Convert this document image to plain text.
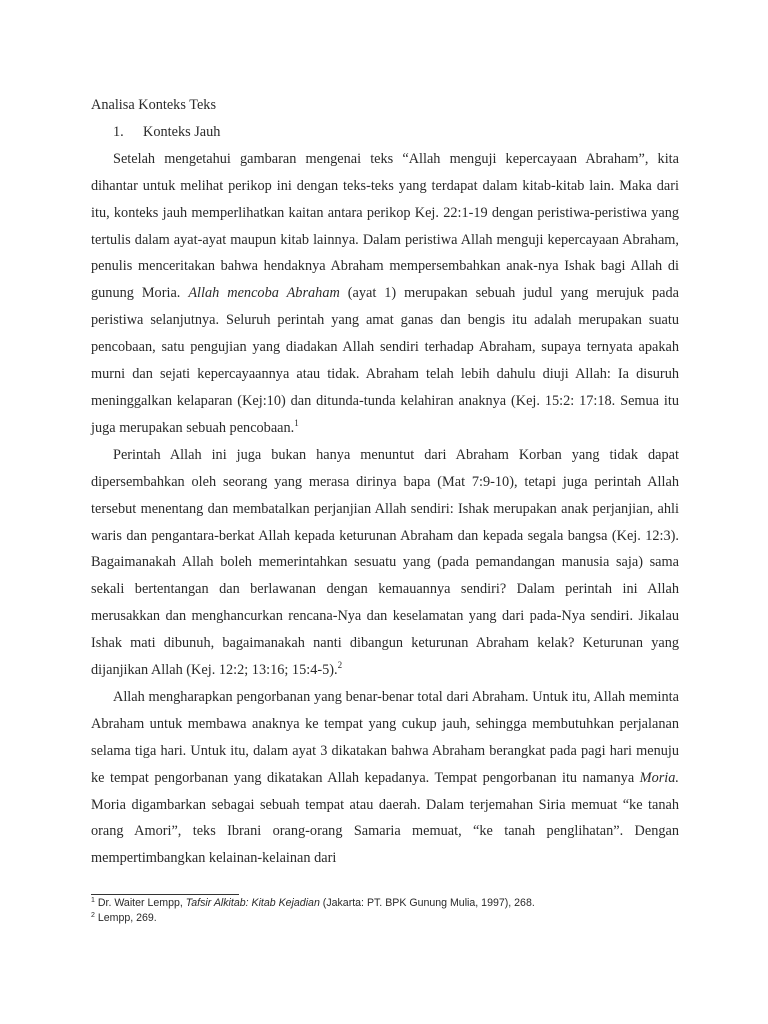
Analisa Konteks Teks

1. Konteks Jauh

Setelah mengetahui gambaran mengenai teks “Allah menguji kepercayaan Abraham”, kita dihantar untuk melihat perikop ini dengan teks-teks yang terdapat dalam kitab-kitab lain. Maka dari itu, konteks jauh memperlihatkan kaitan antara perikop Kej. 22:1-19 dengan peristiwa-peristiwa yang tertulis dalam ayat-ayat maupun kitab lainnya. Dalam peristiwa Allah menguji kepercayaan Abraham, penulis menceritakan bahwa hendaknya Abraham mempersembahkan anak-nya Ishak bagi Allah di gunung Moria. Allah mencoba Abraham (ayat 1) merupakan sebuah judul yang merujuk pada peristiwa selanjutnya. Seluruh perintah yang amat ganas dan bengis itu adalah merupakan suatu pencobaan, satu pengujian yang diadakan Allah sendiri terhadap Abraham, supaya ternyata apakah murni dan sejati kepercayaannya atau tidak. Abraham telah lebih dahulu diuji Allah: Ia disuruh meninggalkan kelaparan (Kej:10) dan ditunda-tunda kelahiran anaknya (Kej. 15:2: 17:18. Semua itu juga merupakan sebuah pencobaan.$^1$

Perintah Allah ini juga bukan hanya menuntut dari Abraham Korban yang tidak dapat dipersembahkan oleh seorang yang merasa dirinya bapa (Mat 7:9-10), tetapi juga perintah Allah tersebut menentang dan membatalkan perjanjian Allah sendiri: Ishak merupakan anak perjanjian, ahli waris dan pengantara-berkat Allah kepada keturunan Abraham dan kepada segala bangsa (Kej. 12:3). Bagaimanakah Allah boleh memerintahkan sesuatu yang (pada pemandangan manusia saja) sama sekali bertentangan dan berlawanan dengan kemauannya sendiri? Dalam perintah ini Allah merusakkan dan menghancurkan rencana-Nya dan keselamatan yang dari pada-Nya sendiri. Jikalau Ishak mati dibunuh, bagaimanakah nanti dibangun keturunan Abraham kelak? Keturunan yang dijanjikan Allah (Kej. 12:2; 13:16; 15:4-5).$^2$

Allah mengharapkan pengorbanan yang benar-benar total dari Abraham. Untuk itu, Allah meminta Abraham untuk membawa anaknya ke tempat yang cukup jauh, sehingga membutuhkan perjalanan selama tiga hari. Untuk itu, dalam ayat 3 dikatakan bahwa Abraham berangkat pada pagi hari menuju ke tempat pengorbanan yang dikatakan Allah kepadanya. Tempat pengorbanan itu namanya Moria. Moria digambarkan sebagai sebuah tempat atau daerah. Dalam terjemahan Siria memuat “ke tanah orang Amori”, teks Ibrani orang-orang Samaria memuat, “ke tanah penglihatan”. Dengan mempertimbangkan kelainan-kelainan dari

$^1$ Dr. Waiter Lempp, Tafsir Alkitab: Kitab Kejadian (Jakarta: PT. BPK Gunung Mulia, 1997), 268.

$^2$ Lempp, 269.
